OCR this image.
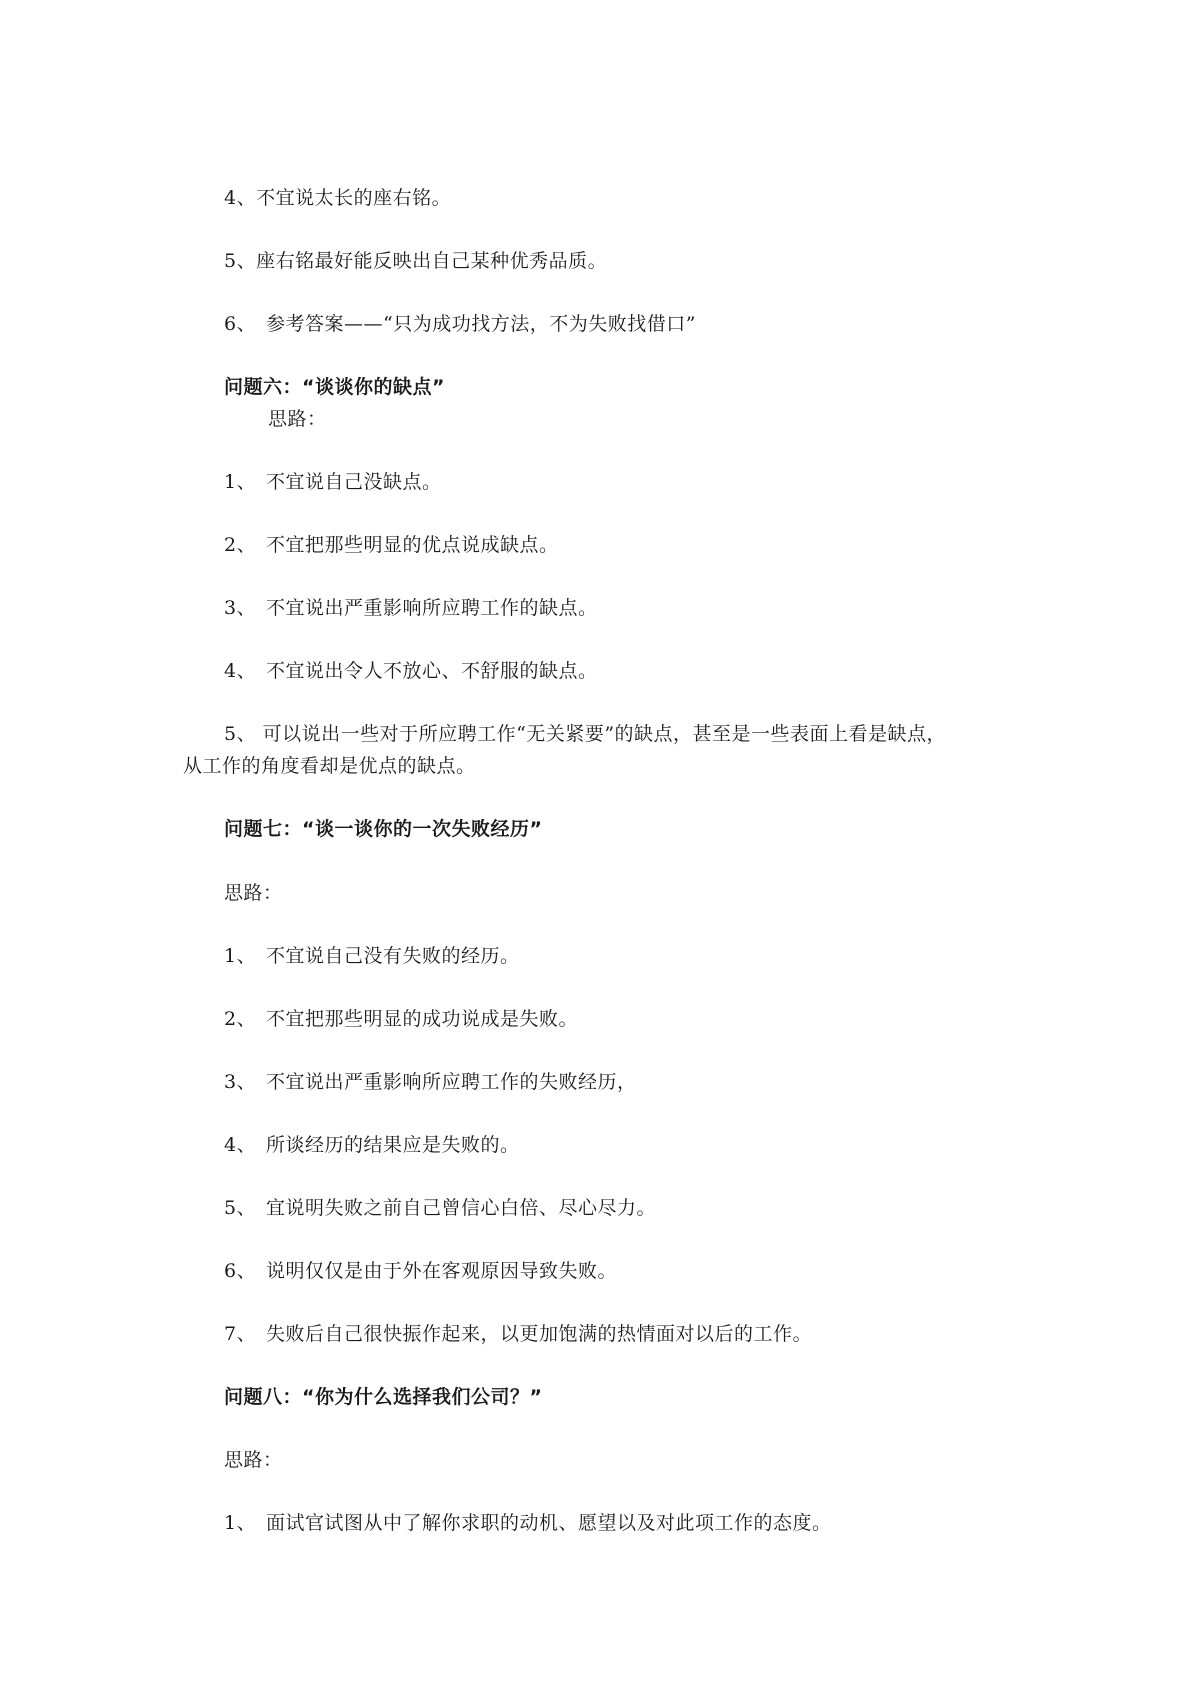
4、不宜说太长的座右铭。
5、座右铭最好能反映出自己某种优秀品质。
6、 参考答案——“只为成功找方法，不为失败找借口”
问题六：“谈谈你的缺点”
思路：
1、 不宜说自己没缺点。
2、 不宜把那些明显的优点说成缺点。
3、 不宜说出严重影响所应聘工作的缺点。
4、 不宜说出令人不放心、不舒服的缺点。
5、 可以说出一些对于所应聘工作“无关紧要”的缺点，甚至是一些表面上看是缺点，
从工作的角度看却是优点的缺点。
问题七：“谈一谈你的一次失败经历”
思路：
1、 不宜说自己没有失败的经历。
2、 不宜把那些明显的成功说成是失败。
3、 不宜说出严重影响所应聘工作的失败经历，
4、 所谈经历的结果应是失败的。
5、 宜说明失败之前自己曾信心白倍、尽心尽力。
6、 说明仅仅是由于外在客观原因导致失败。
7、 失败后自己很快振作起来，以更加饱满的热情面对以后的工作。
问题八：“你为什么选择我们公司？”
思路：
1、 面试官试图从中了解你求职的动机、愿望以及对此项工作的态度。
